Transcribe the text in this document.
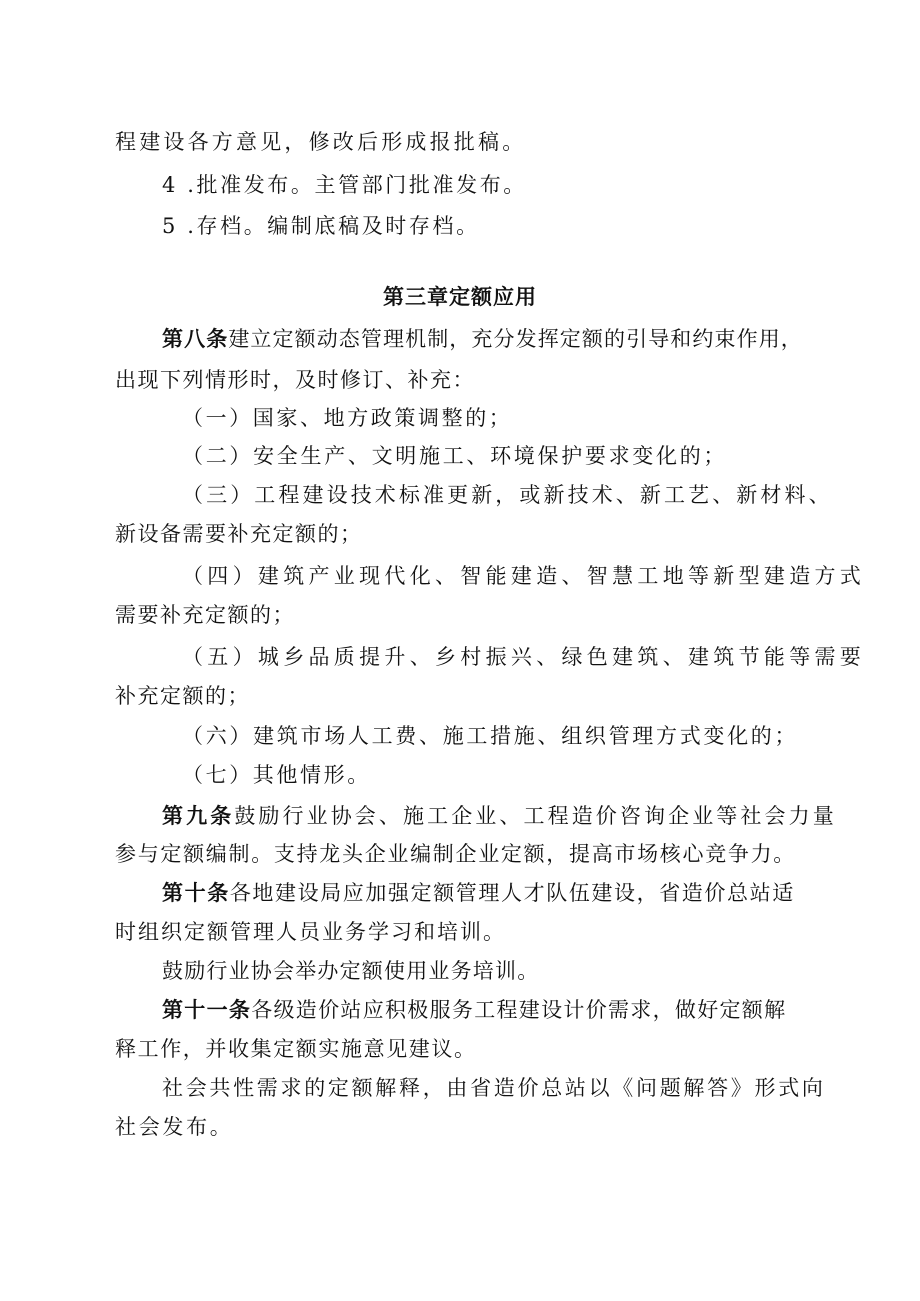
程建设各方意见，修改后形成报批稿。
4 .批准发布。主管部门批准发布。
5 .存档。编制底稿及时存档。
第三章定额应用
第八条建立定额动态管理机制，充分发挥定额的引导和约束作用，
出现下列情形时，及时修订、补充：
（一）国家、地方政策调整的；
（二）安全生产、文明施工、环境保护要求变化的；
（三）工程建设技术标准更新，或新技术、新工艺、新材料、
新设备需要补充定额的；
（四）建筑产业现代化、智能建造、智慧工地等新型建造方式
需要补充定额的；
（五）城乡品质提升、乡村振兴、绿色建筑、建筑节能等需要
补充定额的；
（六）建筑市场人工费、施工措施、组织管理方式变化的；
（七）其他情形。
第九条鼓励行业协会、施工企业、工程造价咨询企业等社会力量
参与定额编制。支持龙头企业编制企业定额，提高市场核心竞争力。
第十条各地建设局应加强定额管理人才队伍建设，省造价总站适
时组织定额管理人员业务学习和培训。
鼓励行业协会举办定额使用业务培训。
第十一条各级造价站应积极服务工程建设计价需求，做好定额解
释工作，并收集定额实施意见建议。
社会共性需求的定额解释，由省造价总站以《问题解答》形式向
社会发布。
